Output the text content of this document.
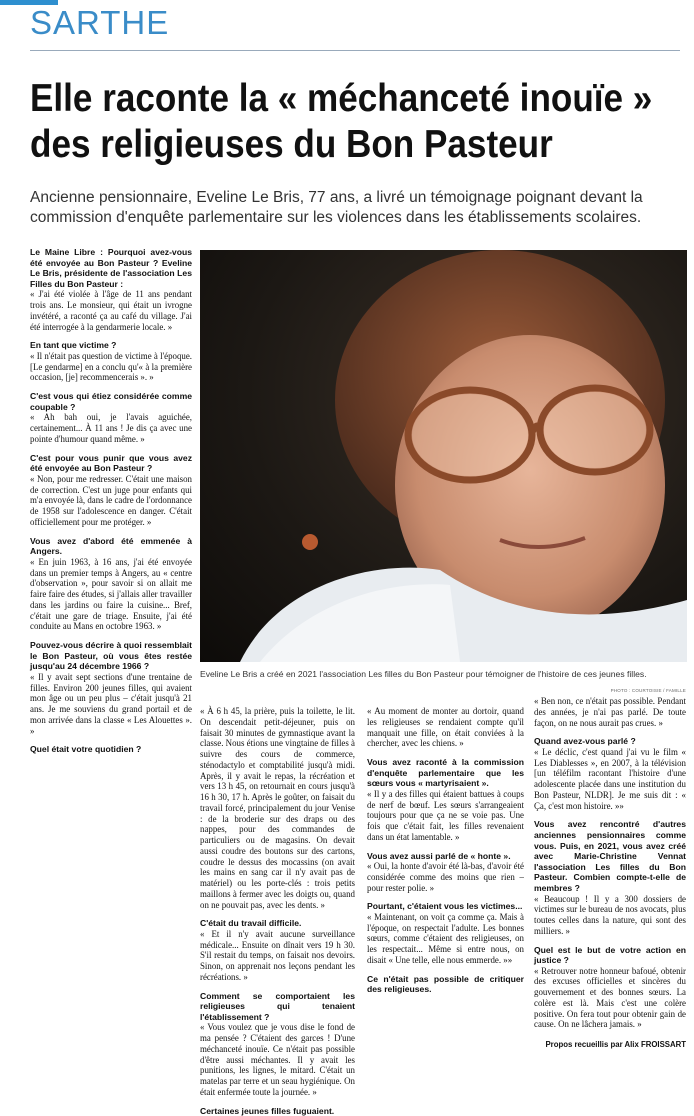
SARTHE
Elle raconte la « méchanceté inouïe »
des religieuses du Bon Pasteur
Ancienne pensionnaire, Eveline Le Bris, 77 ans, a livré un témoignage poignant devant la commission d'enquête parlementaire sur les violences dans les établissements scolaires.
Eveline Le Bris a créé en 2021 l'association Les filles du Bon Pasteur pour témoigner de l'histoire de ces jeunes filles.
PHOTO : COURTOISIE / FAMILLE

Le Maine Libre : Pourquoi avez-vous été envoyée au Bon Pasteur ? Eveline Le Bris, présidente de l'association Les Filles du Bon Pasteur :

« J'ai été violée à l'âge de 11 ans pendant trois ans. Le monsieur, qui était un ivrogne invétéré, a raconté ça au café du village. J'ai été interrogée à la gendarmerie locale. »

En tant que victime ?

« Il n'était pas question de victime à l'époque. [Le gendarme] en a conclu qu'« à la première occasion, [je] recommencerais ». »

C'est vous qui étiez considérée comme coupable ?

« Ah bah oui, je l'avais aguichée, certainement... À 11 ans ! Je dis ça avec une pointe d'humour quand même. »

C'est pour vous punir que vous avez été envoyée au Bon Pasteur ?

« Non, pour me redresser. C'était une maison de correction. C'est un juge pour enfants qui m'a envoyée là, dans le cadre de l'ordonnance de 1958 sur l'adolescence en danger. C'était officiellement pour me protéger. »

Vous avez d'abord été emmenée à Angers.

« En juin 1963, à 16 ans, j'ai été envoyée dans un premier temps à Angers, au « centre d'observation », pour savoir si on allait me faire faire des études, si j'allais aller travailler dans les jardins ou faire la cuisine... Bref, c'était une gare de triage. Ensuite, j'ai été conduite au Mans en octobre 1963. »

Pouvez-vous décrire à quoi ressemblait le Bon Pasteur, où vous êtes restée jusqu'au 24 décembre 1966 ?

« Il y avait sept sections d'une trentaine de filles. Environ 200 jeunes filles, qui avaient mon âge ou un peu plus – c'était jusqu'à 21 ans. Je me souviens du grand portail et de mon arrivée dans la classe « Les Alouettes ». »

Quel était votre quotidien ?

« À 6 h 45, la prière, puis la toilette, le lit. On descendait petit-déjeuner, puis on faisait 30 minutes de gymnastique avant la classe. Nous étions une vingtaine de filles à suivre des cours de commerce, sténodactylo et comptabilité jusqu'à midi. Après, il y avait le repas, la récréation et vers 13 h 45, on retournait en cours jusqu'à 16 h 30, 17 h. Après le goûter, on faisait du travail forcé, principalement du jour Venise : de la broderie sur des draps ou des nappes, pour des commandes de particuliers ou de magasins. On devait aussi coudre des boutons sur des cartons, coudre le dessus des mocassins (on avait les mains en sang car il n'y avait pas de matériel) ou les porte-clés : trois petits maillons à fermer avec les doigts ou, quand on ne pouvait pas, avec les dents. »

C'était du travail difficile.

« Et il n'y avait aucune surveillance médicale... Ensuite on dînait vers 19 h 30. S'il restait du temps, on faisait nos devoirs. Sinon, on apprenait nos leçons pendant les récréations. »

Comment se comportaient les religieuses qui tenaient l'établissement ?

« Vous voulez que je vous dise le fond de ma pensée ? C'étaient des garces ! D'une méchanceté inouïe. Ce n'était pas possible d'être aussi méchantes. Il y avait les punitions, les lignes, le mitard. C'était un matelas par terre et un seau hygiénique. On était enfermée toute la journée. »

Certaines jeunes filles fuguaient.

« Au moment de monter au dortoir, quand les religieuses se rendaient compte qu'il manquait une fille, on était conviées à la chercher, avec les chiens. »

Vous avez raconté à la commission d'enquête parlementaire que les sœurs vous « martyrisaient ».

« Il y a des filles qui étaient battues à coups de nerf de bœuf. Les sœurs s'arrangeaient toujours pour que ça ne se voie pas. Une fois que c'était fait, les filles revenaient dans un état lamentable. »

Vous avez aussi parlé de « honte ».

« Oui, la honte d'avoir été là-bas, d'avoir été considérée comme des moins que rien – pour rester polie. »

Pourtant, c'étaient vous les victimes...

« Maintenant, on voit ça comme ça. Mais à l'époque, on respectait l'adulte. Les bonnes sœurs, comme c'étaient des religieuses, on les respectait... Même si entre nous, on disait « Une telle, elle nous emmerde. »»

Ce n'était pas possible de critiquer des religieuses.

« Ben non, ce n'était pas possible. Pendant des années, je n'ai pas parlé. De toute façon, on ne nous aurait pas crues. »

Quand avez-vous parlé ?

« Le déclic, c'est quand j'ai vu le film « Les Diablesses », en 2007, à la télévision [un téléfilm racontant l'histoire d'une adolescente placée dans une institution du Bon Pasteur, NLDR]. Je me suis dit : « Ça, c'est mon histoire. »»

Vous avez rencontré d'autres anciennes pensionnaires comme vous. Puis, en 2021, vous avez créé avec Marie-Christine Vennat l'association Les filles du Bon Pasteur. Combien compte-t-elle de membres ?

« Beaucoup ! Il y a 300 dossiers de victimes sur le bureau de nos avocats, plus toutes celles dans la nature, qui sont des milliers. »

Quel est le but de votre action en justice ?

« Retrouver notre honneur bafoué, obtenir des excuses officielles et sincères du gouvernement et des bonnes sœurs. La colère est là. Mais c'est une colère positive. On fera tout pour obtenir gain de cause. On ne lâchera jamais. »

Propos recueillis par Alix FROISSART
